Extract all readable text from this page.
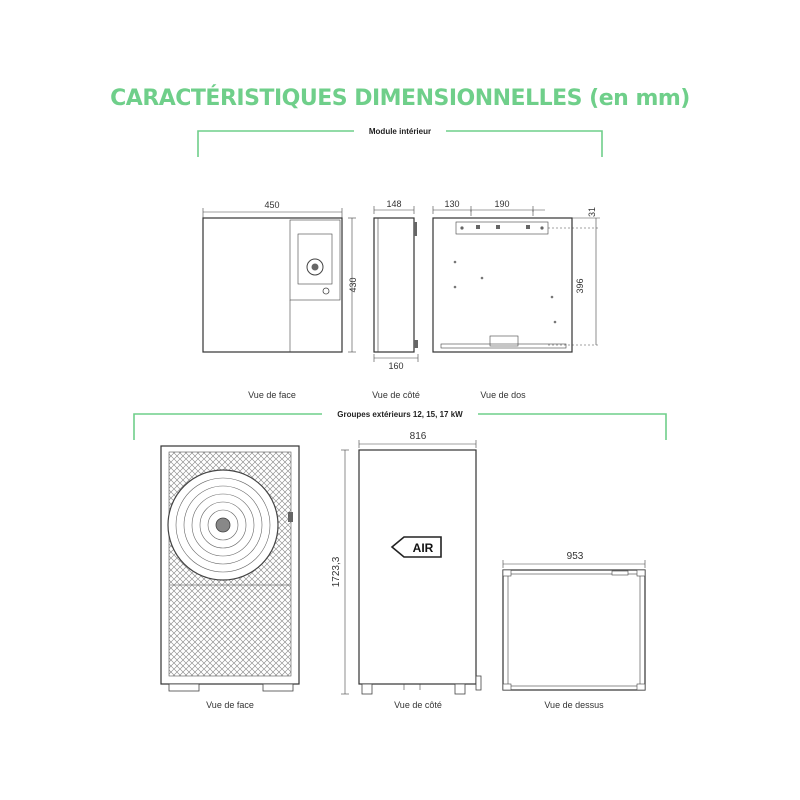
CARACTÉRISTIQUES DIMENSIONNELLES (en mm)
Module intérieur
450
430
148
160
130	190
31
396
Vue de face	Vue de côté	Vue de dos
Groupes extérieurs 12, 15, 17 kW
Vue de face
816
1723,3
AIR
Vue de côté
953
Vue de dessus
